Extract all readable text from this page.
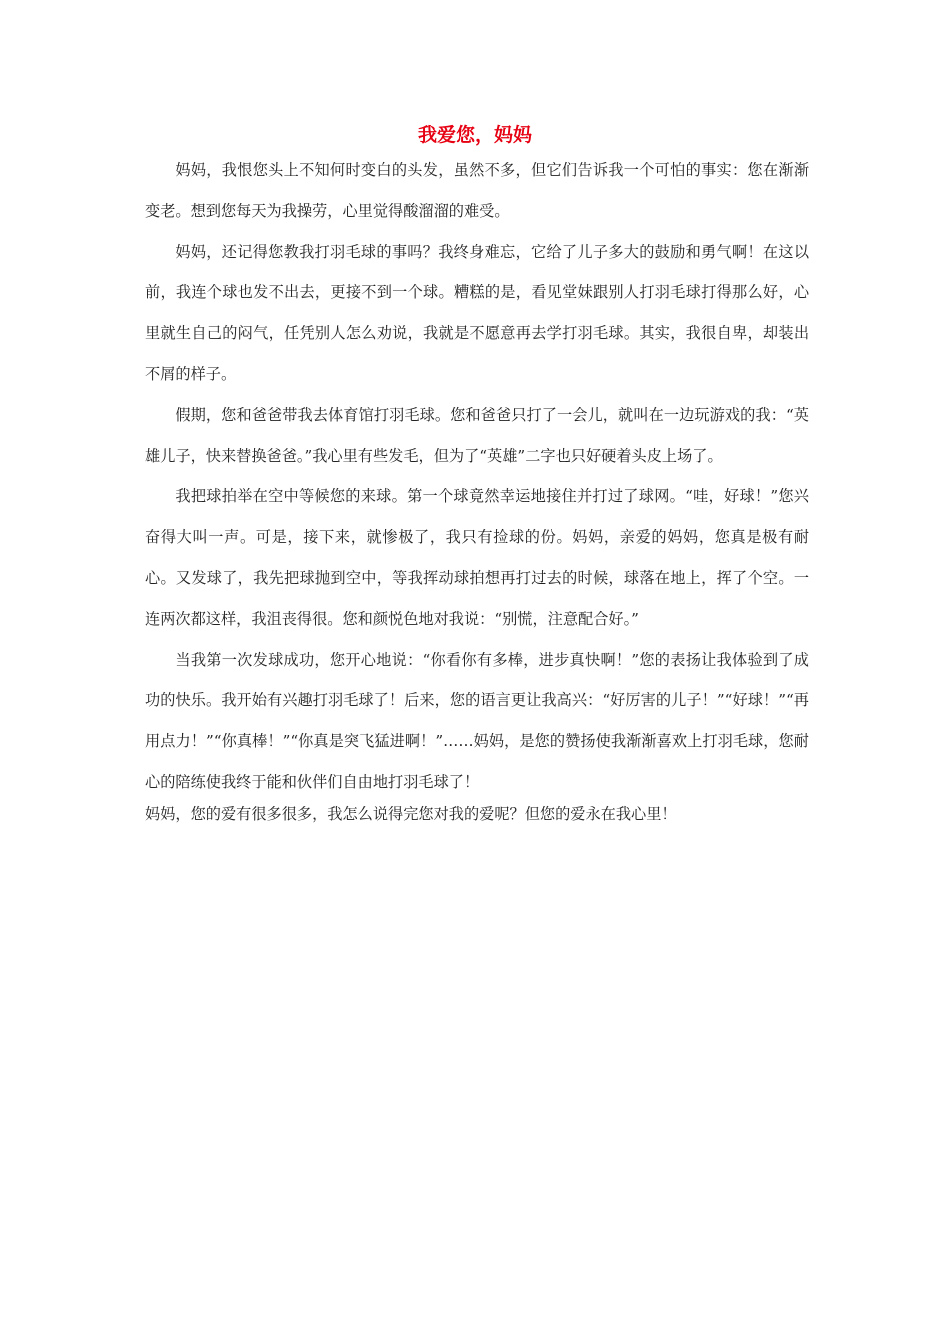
我爱您，妈妈

妈妈，我恨您头上不知何时变白的头发，虽然不多，但它们告诉我一个可怕的事实：您在渐渐变老。想到您每天为我操劳，心里觉得酸溜溜的难受。

妈妈，还记得您教我打羽毛球的事吗？我终身难忘，它给了儿子多大的鼓励和勇气啊！在这以前，我连个球也发不出去，更接不到一个球。糟糕的是，看见堂妹跟别人打羽毛球打得那么好，心里就生自己的闷气，任凭别人怎么劝说，我就是不愿意再去学打羽毛球。其实，我很自卑，却装出不屑的样子。

假期，您和爸爸带我去体育馆打羽毛球。您和爸爸只打了一会儿，就叫在一边玩游戏的我：“英雄儿子，快来替换爸爸。”我心里有些发毛，但为了“英雄”二字也只好硬着头皮上场了。

我把球拍举在空中等候您的来球。第一个球竟然幸运地接住并打过了球网。“哇，好球！”您兴奋得大叫一声。可是，接下来，就惨极了，我只有捡球的份。妈妈，亲爱的妈妈，您真是极有耐心。又发球了，我先把球抛到空中，等我挥动球拍想再打过去的时候，球落在地上，挥了个空。一连两次都这样，我沮丧得很。您和颜悦色地对我说：“别慌，注意配合好。”

当我第一次发球成功，您开心地说：“你看你有多棒，进步真快啊！”您的表扬让我体验到了成功的快乐。我开始有兴趣打羽毛球了！后来，您的语言更让我高兴：“好厉害的儿子！”“好球！”“再用点力！”“你真棒！”“你真是突飞猛进啊！”……妈妈，是您的赞扬使我渐渐喜欢上打羽毛球，您耐心的陪练使我终于能和伙伴们自由地打羽毛球了！

妈妈，您的爱有很多很多，我怎么说得完您对我的爱呢？但您的爱永在我心里！
